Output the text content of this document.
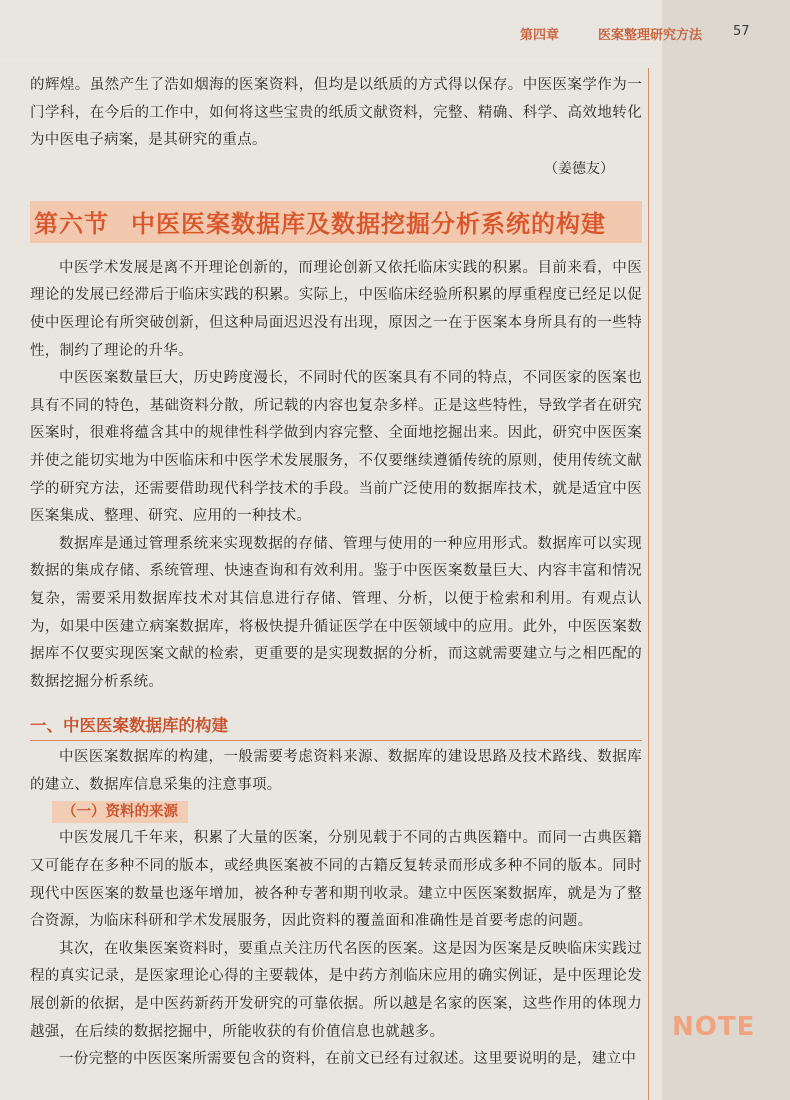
第四章	医案整理研究方法 57

的辉煌。虽然产生了浩如烟海的医案资料，但均是以纸质的方式得以保存。中医医案学作为一门学科，在今后的工作中，如何将这些宝贵的纸质文献资料，完整、精确、科学、高效地转化为中医电子病案，是其研究的重点。

（姜德友）

第六节 中医医案数据库及数据挖掘分析系统的构建

中医学术发展是离不开理论创新的，而理论创新又依托临床实践的积累。目前来看，中医理论的发展已经滞后于临床实践的积累。实际上，中医临床经验所积累的厚重程度已经足以促使中医理论有所突破创新，但这种局面迟迟没有出现，原因之一在于医案本身所具有的一些特性，制约了理论的升华。

中医医案数量巨大，历史跨度漫长，不同时代的医案具有不同的特点，不同医家的医案也具有不同的特色，基础资料分散，所记载的内容也复杂多样。正是这些特性，导致学者在研究医案时，很难将蕴含其中的规律性科学做到内容完整、全面地挖掘出来。因此，研究中医医案并使之能切实地为中医临床和中医学术发展服务，不仅要继续遵循传统的原则，使用传统文献学的研究方法，还需要借助现代科学技术的手段。当前广泛使用的数据库技术，就是适宜中医医案集成、整理、研究、应用的一种技术。

数据库是通过管理系统来实现数据的存储、管理与使用的一种应用形式。数据库可以实现数据的集成存储、系统管理、快速查询和有效利用。鉴于中医医案数量巨大、内容丰富和情况复杂，需要采用数据库技术对其信息进行存储、管理、分析，以便于检索和利用。有观点认为，如果中医建立病案数据库，将极快提升循证医学在中医领域中的应用。此外，中医医案数据库不仅要实现医案文献的检索，更重要的是实现数据的分析，而这就需要建立与之相匹配的数据挖掘分析系统。

一、中医医案数据库的构建

中医医案数据库的构建，一般需要考虑资料来源、数据库的建设思路及技术路线、数据库的建立、数据库信息采集的注意事项。

（一）资料的来源

中医发展几千年来，积累了大量的医案，分别见载于不同的古典医籍中。而同一古典医籍又可能存在多种不同的版本，或经典医案被不同的古籍反复转录而形成多种不同的版本。同时现代中医医案的数量也逐年增加，被各种专著和期刊收录。建立中医医案数据库，就是为了整合资源，为临床科研和学术发展服务，因此资料的覆盖面和准确性是首要考虑的问题。

其次，在收集医案资料时，要重点关注历代名医的医案。这是因为医案是反映临床实践过程的真实记录，是医家理论心得的主要载体，是中药方剂临床应用的确实例证，是中医理论发展创新的依据，是中医药新药开发研究的可靠依据。所以越是名家的医案，这些作用的体现力越强，在后续的数据挖掘中，所能收获的有价值信息也就越多。

一份完整的中医医案所需要包含的资料，在前文已经有过叙述。这里要说明的是，建立中

NOTE
